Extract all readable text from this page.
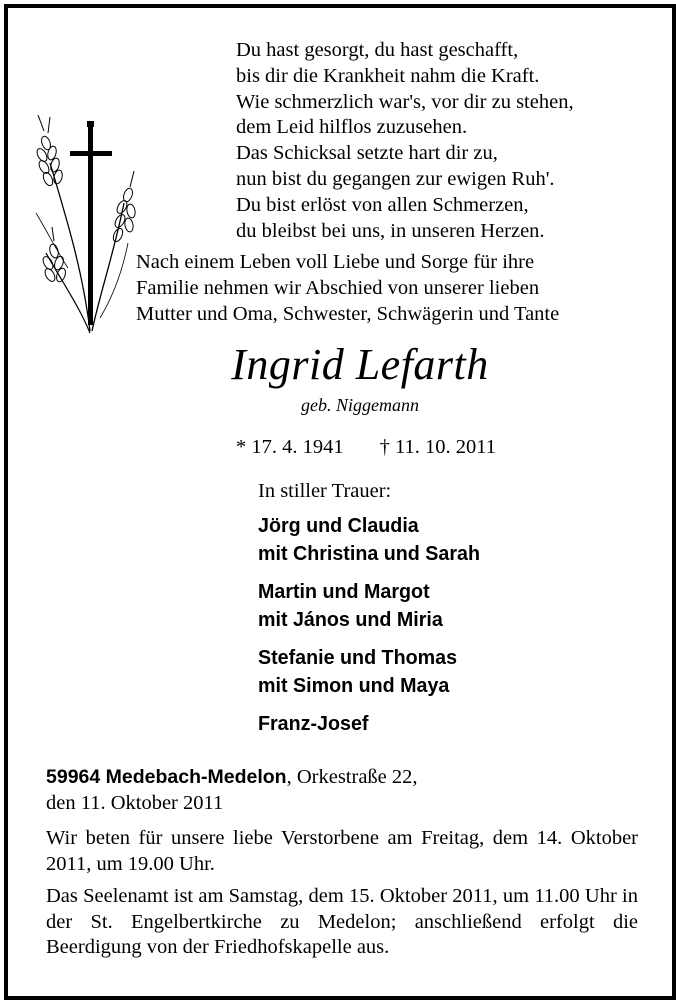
Du hast gesorgt, du hast geschafft,
bis dir die Krankheit nahm die Kraft.
Wie schmerzlich war's, vor dir zu stehen,
dem Leid hilflos zuzusehen.
Das Schicksal setzte hart dir zu,
nun bist du gegangen zur ewigen Ruh'.
Du bist erlöst von allen Schmerzen,
du bleibst bei uns, in unseren Herzen.
Nach einem Leben voll Liebe und Sorge für ihre
Familie nehmen wir Abschied von unserer lieben
Mutter und Oma, Schwester, Schwägerin und Tante
Ingrid Lefarth
geb. Niggemann
* 17. 4. 1941 † 11. 10. 2011
In stiller Trauer:
Jörg und Claudia
mit Christina und Sarah
Martin und Margot
mit János und Miria
Stefanie und Thomas
mit Simon und Maya
Franz-Josef
59964 Medebach-Medelon, Orkestraße 22,
den 11. Oktober 2011
Wir beten für unsere liebe Verstorbene am Freitag, dem 14. Oktober 2011, um 19.00 Uhr.
Das Seelenamt ist am Samstag, dem 15. Oktober 2011, um 11.00 Uhr in der St. Engelbertkirche zu Medelon; anschließend erfolgt die Beerdigung von der Friedhofskapelle aus.
